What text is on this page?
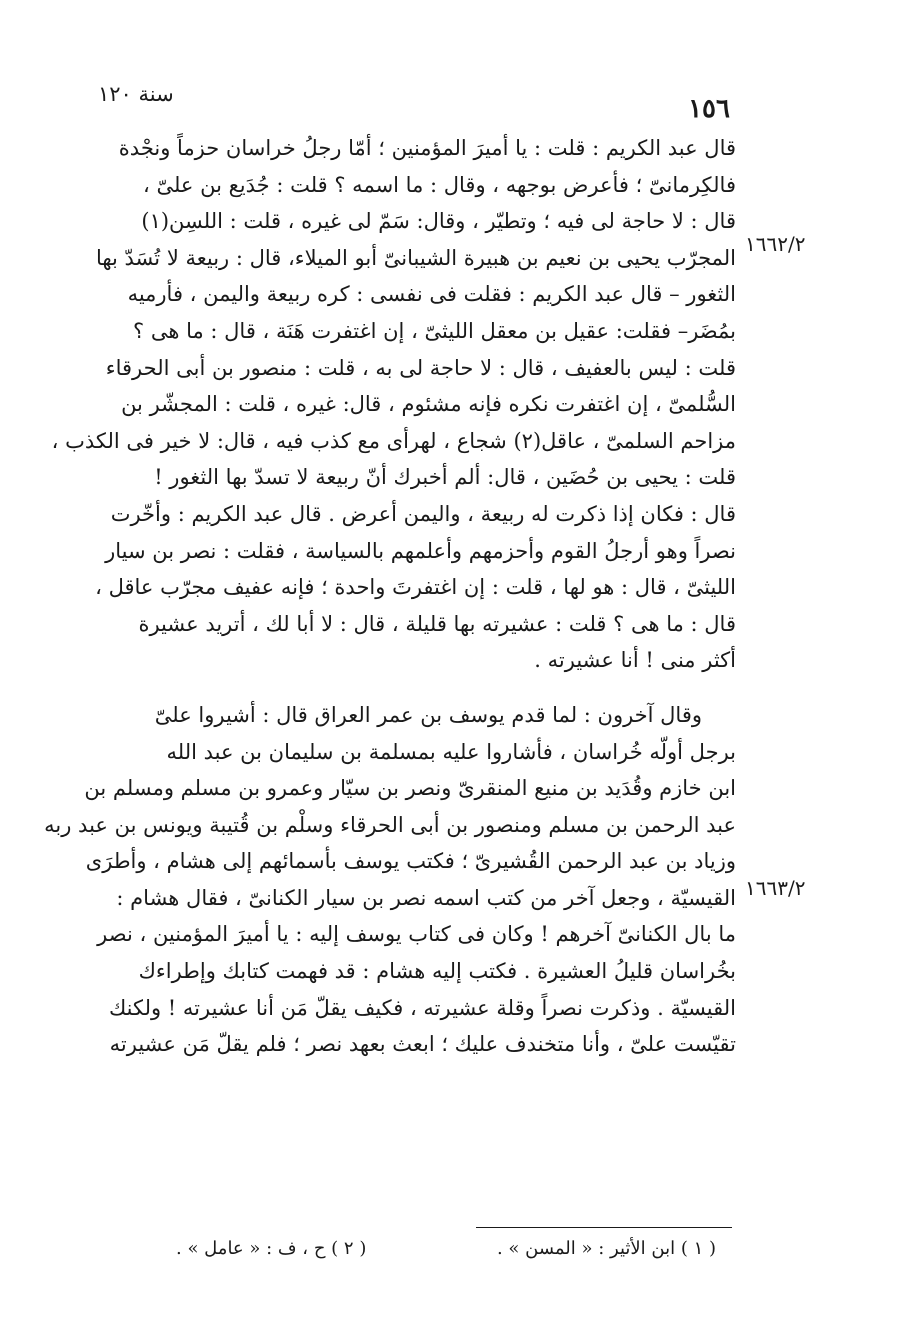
١٥٦
سنة ١٢٠
١٦٦٢/٢
١٦٦٣/٢

قال عبد الكريم : قلت : يا أميرَ المؤمنين ؛ أمّا رجلُ خراسان حزماً ونجْدة

فالكِرمانىّ ؛ فأعرض بوجهه ، وقال : ما اسمه ؟ قلت : جُدَيع بن علىّ ،

قال : لا حاجة لى فيه ؛ وتطيّر ، وقال: سَمّ لى غيره ، قلت : اللسِن(١)

المجرّب يحيى بن نعيم بن هبيرة الشيبانىّ أبو الميلاء، قال : ربيعة لا تُسَدّ بها

الثغور – قال عبد الكريم : فقلت فى نفسى : كره ربيعة واليمن ، فأرميه

بمُضَر– فقلت: عقيل بن معقل الليثىّ ، إن اغتفرت هَنَة ، قال : ما هى ؟

قلت : ليس بالعفيف ، قال : لا حاجة لى به ، قلت : منصور بن أبى الحرقاء

السُّلمىّ ، إن اغتفرت نكره فإنه مشئوم ، قال: غيره ، قلت : المجشّر بن

مزاحم السلمىّ ، عاقل(٢) شجاع ، لهرأى مع كذب فيه ، قال: لا خير فى الكذب ،

قلت : يحيى بن حُضَين ، قال: ألم أخبرك أنّ ربيعة لا تسدّ بها الثغور !

قال : فكان إذا ذكرت له ربيعة ، واليمن أعرض . قال عبد الكريم : وأخّرت

نصراً وهو أرجلُ القوم وأحزمهم وأعلمهم بالسياسة ، فقلت : نصر بن سيار

الليثىّ ، قال : هو لها ، قلت : إن اغتفرتَ واحدة ؛ فإنه عفيف مجرّب عاقل ،

قال : ما هى ؟ قلت : عشيرته بها قليلة ، قال : لا أبا لك ، أتريد عشيرة

أكثر منى ! أنا عشيرته .

وقال آخرون : لما قدم يوسف بن عمر العراق قال : أشيروا علىّ

برجل أولّه خُراسان ، فأشاروا عليه بمسلمة بن سليمان بن عبد الله

ابن خازم وقُدَيد بن منيع المنقرىّ ونصر بن سيّار وعمرو بن مسلم ومسلم بن

عبد الرحمن بن مسلم ومنصور بن أبى الحرقاء وسلْم بن قُتيبة ويونس بن عبد ربه

وزياد بن عبد الرحمن القُشيرىّ ؛ فكتب يوسف بأسمائهم إلى هشام ، وأطرَى

القيسيّة ، وجعل آخر من كتب اسمه نصر بن سيار الكنانىّ ، فقال هشام :

ما بال الكنانىّ آخرهم ! وكان فى كتاب يوسف إليه : يا أميرَ المؤمنين ، نصر

بخُراسان قليلُ العشيرة . فكتب إليه هشام : قد فهمت كتابك وإطراءك

القيسيّة . وذكرت نصراً وقلة عشيرته ، فكيف يقلّ مَن أنا عشيرته ! ولكنك

تقيّست علىّ ، وأنا متخندف عليك ؛ ابعث بعهد نصر ؛ فلم يقلّ مَن عشيرته

( ١ ) ابن الأثير : « المسن » .
( ٢ ) ح ، ف : « عامل » .
